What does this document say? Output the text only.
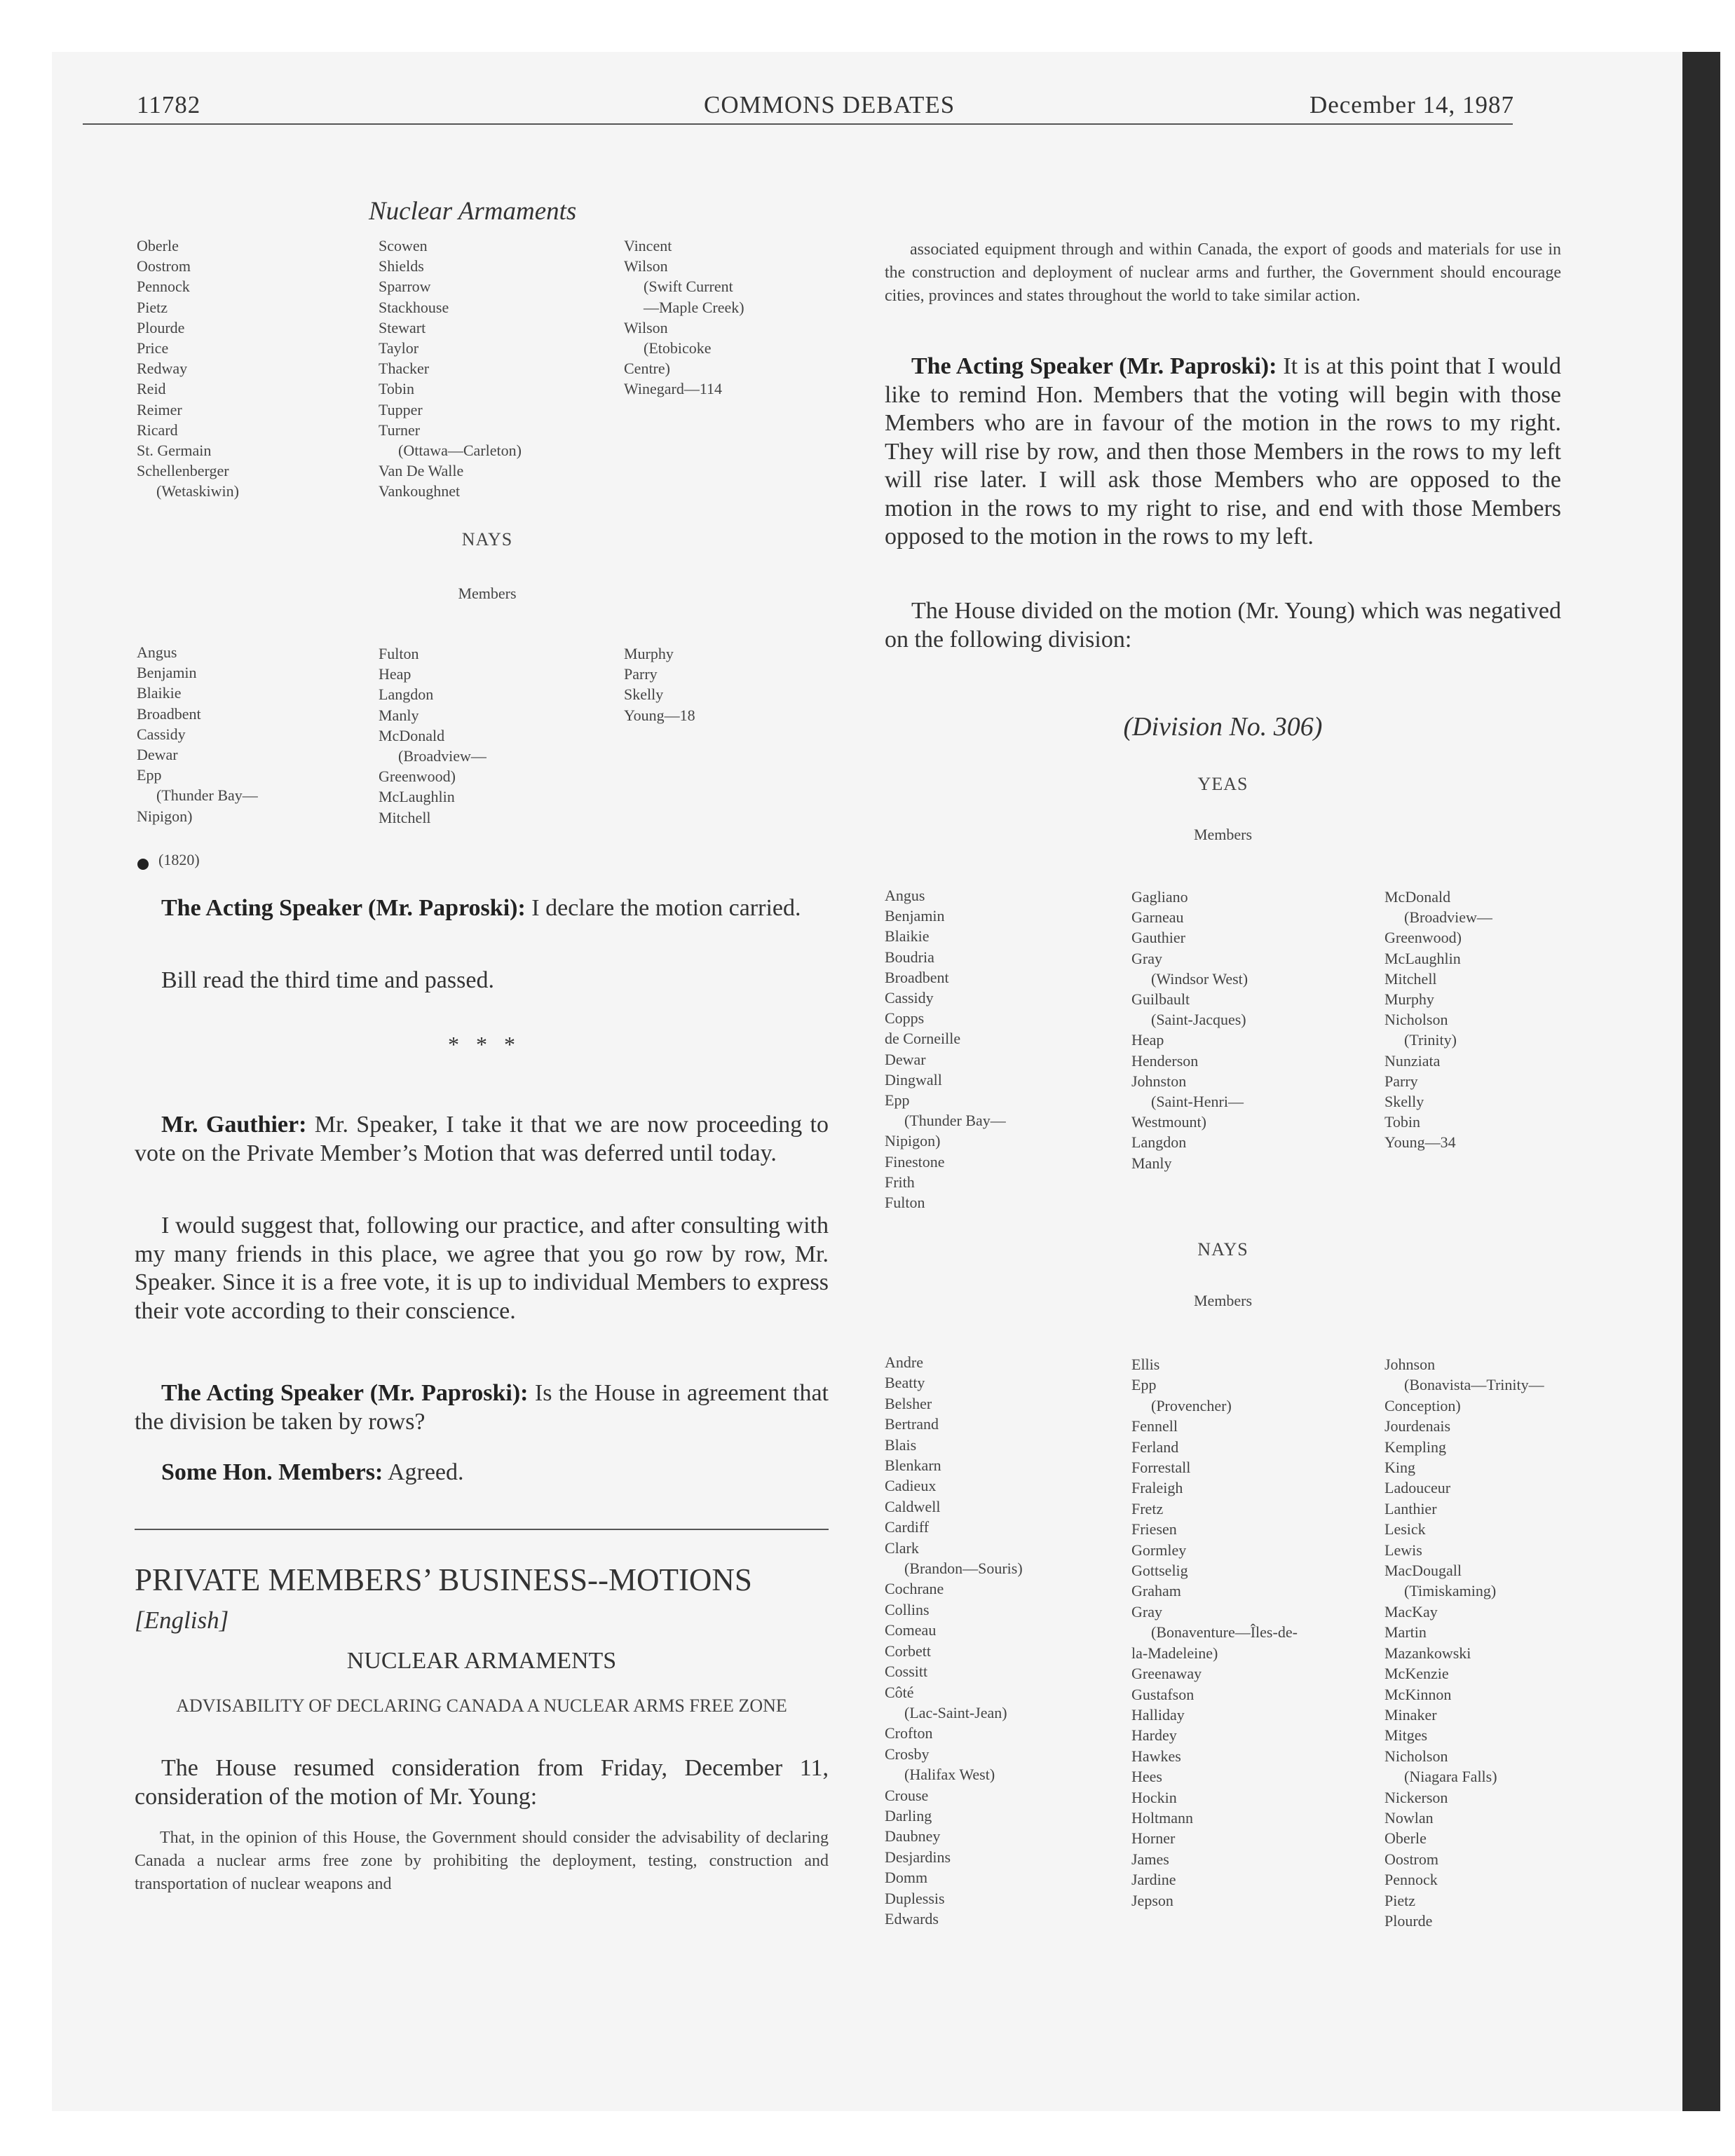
11782	COMMONS DEBATES	December 14, 1987
Nuclear Armaments
Oberle
Oostrom
Pennock
Pietz
Plourde
Price
Redway
Reid
Reimer
Ricard
St. Germain
Schellenberger
(Wetaskiwin)
Scowen
Shields
Sparrow
Stackhouse
Stewart
Taylor
Thacker
Tobin
Tupper
Turner
(Ottawa—Carleton)
Van De Walle
Vankoughnet
Vincent
Wilson
(Swift Current
—Maple Creek)
Wilson
(Etobicoke
Centre)
Winegard—114
NAYS
Members
Angus
Benjamin
Blaikie
Broadbent
Cassidy
Dewar
Epp
(Thunder Bay—
Nipigon)
Fulton
Heap
Langdon
Manly
McDonald
(Broadview—
Greenwood)
McLaughlin
Mitchell
Murphy
Parry
Skelly
Young—18
(1820)

The Acting Speaker (Mr. Paproski): I declare the motion carried.

Bill read the third time and passed.

*   *   *

Mr. Gauthier: Mr. Speaker, I take it that we are now proceeding to vote on the Private Member’s Motion that was deferred until today.

I would suggest that, following our practice, and after consulting with my many friends in this place, we agree that you go row by row, Mr. Speaker. Since it is a free vote, it is up to individual Members to express their vote according to their conscience.

The Acting Speaker (Mr. Paproski): Is the House in agreement that the division be taken by rows?

Some Hon. Members: Agreed.

PRIVATE MEMBERS’ BUSINESS--MOTIONS
[English]
NUCLEAR ARMAMENTS
ADVISABILITY OF DECLARING CANADA A NUCLEAR ARMS FREE ZONE

The House resumed consideration from Friday, December 11, consideration of the motion of Mr. Young:

That, in the opinion of this House, the Government should consider the advisability of declaring Canada a nuclear arms free zone by prohibiting the deployment, testing, construction and transportation of nuclear weapons and

associated equipment through and within Canada, the export of goods and materials for use in the construction and deployment of nuclear arms and further, the Government should encourage cities, provinces and states throughout the world to take similar action.

The Acting Speaker (Mr. Paproski): It is at this point that I would like to remind Hon. Members that the voting will begin with those Members who are in favour of the motion in the rows to my right. They will rise by row, and then those Members in the rows to my left will rise later. I will ask those Members who are opposed to the motion in the rows to my right to rise, and end with those Members opposed to the motion in the rows to my left.

The House divided on the motion (Mr. Young) which was negatived on the following division:

(Division No. 306)
YEAS
Members
Angus
Benjamin
Blaikie
Boudria
Broadbent
Cassidy
Copps
de Corneille
Dewar
Dingwall
Epp
(Thunder Bay—
Nipigon)
Finestone
Frith
Fulton
Gagliano
Garneau
Gauthier
Gray
(Windsor West)
Guilbault
(Saint-Jacques)
Heap
Henderson
Johnston
(Saint-Henri—
Westmount)
Langdon
Manly
McDonald
(Broadview—
Greenwood)
McLaughlin
Mitchell
Murphy
Nicholson
(Trinity)
Nunziata
Parry
Skelly
Tobin
Young—34
NAYS
Members
Andre
Beatty
Belsher
Bertrand
Blais
Blenkarn
Cadieux
Caldwell
Cardiff
Clark
(Brandon—Souris)
Cochrane
Collins
Comeau
Corbett
Cossitt
Côté
(Lac-Saint-Jean)
Crofton
Crosby
(Halifax West)
Crouse
Darling
Daubney
Desjardins
Domm
Duplessis
Edwards
Ellis
Epp
(Provencher)
Fennell
Ferland
Forrestall
Fraleigh
Fretz
Friesen
Gormley
Gottselig
Graham
Gray
(Bonaventure—Îles-de-
la-Madeleine)
Greenaway
Gustafson
Halliday
Hardey
Hawkes
Hees
Hockin
Holtmann
Horner
James
Jardine
Jepson
Johnson
(Bonavista—Trinity—
Conception)
Jourdenais
Kempling
King
Ladouceur
Lanthier
Lesick
Lewis
MacDougall
(Timiskaming)
MacKay
Martin
Mazankowski
McKenzie
McKinnon
Minaker
Mitges
Nicholson
(Niagara Falls)
Nickerson
Nowlan
Oberle
Oostrom
Pennock
Pietz
Plourde
